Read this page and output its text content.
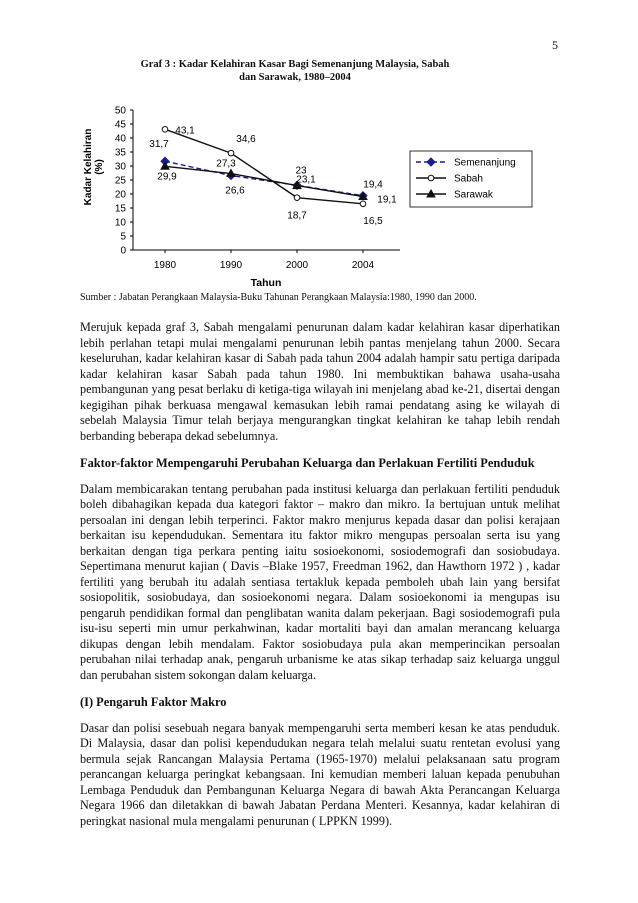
5
Graf 3 : Kadar Kelahiran Kasar Bagi Semenanjung Malaysia, Sabah
dan Sarawak, 1980–2004
Kadar Kelahiran (%)
0
5
10
15
20
25
30
35
40
45
50
1980	1990	2000	2004
31,7
26,6
23,1	19,4
43,1
34,6
18,7	16,5
29,9
27,3
23
19,1
Semenanjung
Sabah
Sarawak
Tahun
Sumber : Jabatan Perangkaan Malaysia-Buku Tahunan Perangkaan Malaysia:1980, 1990 dan 2000.

Merujuk kepada graf 3, Sabah mengalami penurunan dalam kadar kelahiran kasar diperhatikan lebih perlahan tetapi mulai mengalami penurunan lebih pantas menjelang tahun 2000. Secara keseluruhan, kadar kelahiran kasar di Sabah pada tahun 2004 adalah hampir satu pertiga daripada kadar kelahiran kasar Sabah pada tahun 1980. Ini membuktikan bahawa usaha-usaha pembangunan yang pesat berlaku di ketiga-tiga wilayah ini menjelang abad ke-21, disertai dengan kegigihan pihak berkuasa mengawal kemasukan lebih ramai pendatang asing ke wilayah di sebelah Malaysia Timur telah berjaya mengurangkan tingkat kelahiran ke tahap lebih rendah berbanding beberapa dekad sebelumnya.

Faktor-faktor Mempengaruhi Perubahan Keluarga dan Perlakuan Fertiliti Penduduk

Dalam membicarakan tentang perubahan pada institusi keluarga dan perlakuan fertiliti penduduk boleh dibahagikan kepada dua kategori faktor – makro dan mikro. Ia bertujuan untuk melihat persoalan ini dengan lebih terperinci. Faktor makro menjurus kepada dasar dan polisi kerajaan berkaitan isu kependudukan. Sementara itu faktor mikro mengupas persoalan serta isu yang berkaitan dengan tiga perkara penting iaitu sosioekonomi, sosiodemografi dan sosiobudaya. Sepertimana menurut kajian ( Davis –Blake 1957, Freedman 1962, dan Hawthorn 1972 ) , kadar fertiliti yang berubah itu adalah sentiasa tertakluk kepada pemboleh ubah lain yang bersifat sosiopolitik, sosiobudaya, dan sosioekonomi negara. Dalam sosioekonomi ia mengupas isu pengaruh pendidikan formal dan penglibatan wanita dalam pekerjaan. Bagi sosiodemografi pula isu-isu seperti min umur perkahwinan, kadar mortaliti bayi dan amalan merancang keluarga dikupas dengan lebih mendalam. Faktor sosiobudaya pula akan memperincikan persoalan perubahan nilai terhadap anak, pengaruh urbanisme ke atas sikap terhadap saiz keluarga unggul dan perubahan sistem sokongan dalam keluarga.

(I) Pengaruh Faktor Makro

Dasar dan polisi sesebuah negara banyak mempengaruhi serta memberi kesan ke atas penduduk. Di Malaysia, dasar dan polisi kependudukan negara telah melalui suatu rentetan evolusi yang bermula sejak Rancangan Malaysia Pertama (1965-1970) melalui pelaksanaan satu program perancangan keluarga peringkat kebangsaan. Ini kemudian memberi laluan kepada penubuhan Lembaga Penduduk dan Pembangunan Keluarga Negara di bawah Akta Perancangan Keluarga Negara 1966 dan diletakkan di bawah Jabatan Perdana Menteri. Kesannya, kadar kelahiran di peringkat nasional mula mengalami penurunan ( LPPKN 1999).
